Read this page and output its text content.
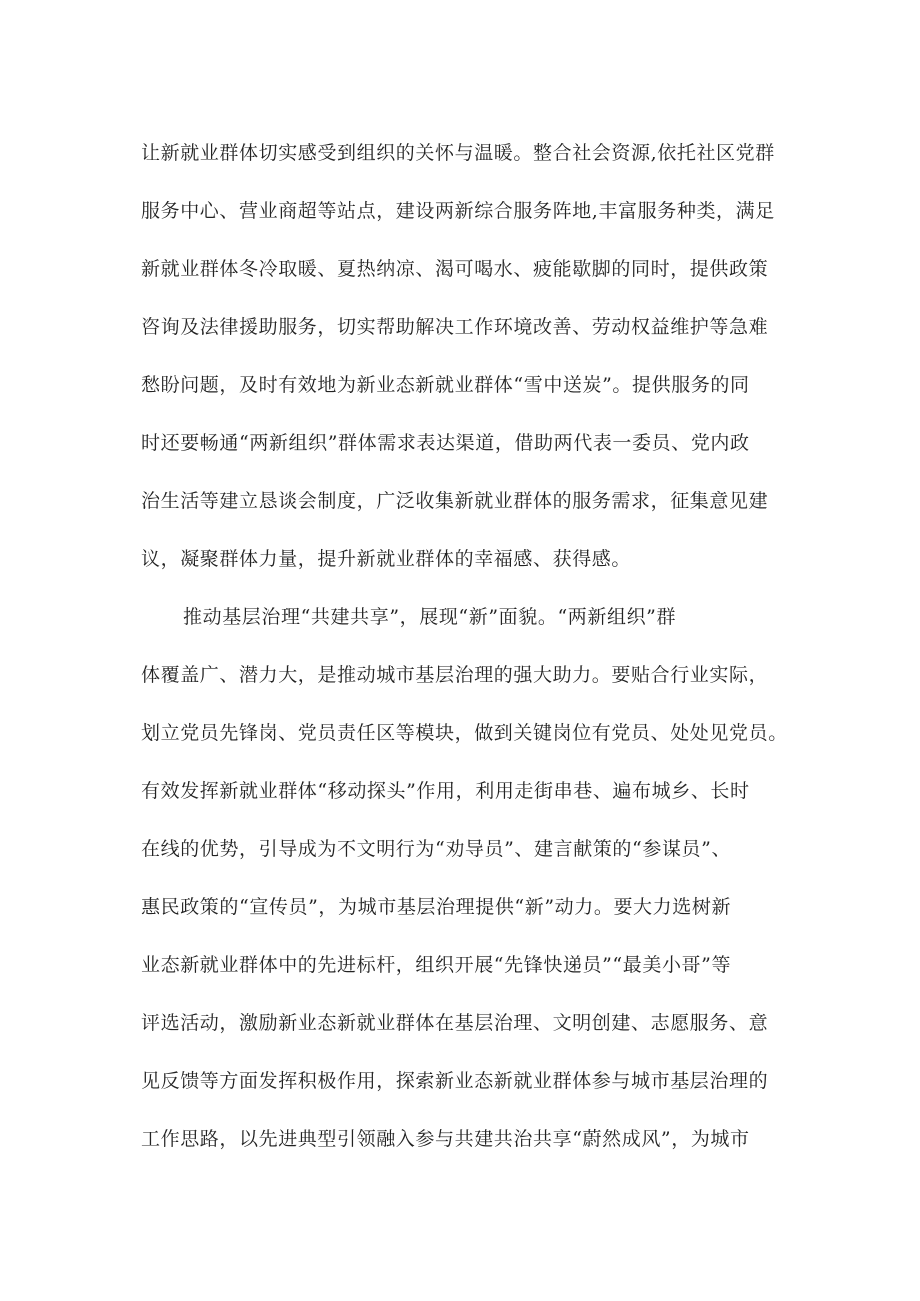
让新就业群体切实感受到组织的关怀与温暖。整合社会资源,依托社区党群
服务中心、营业商超等站点，建设两新综合服务阵地,丰富服务种类，满足
新就业群体冬冷取暖、夏热纳凉、渴可喝水、疲能歇脚的同时，提供政策
咨询及法律援助服务，切实帮助解决工作环境改善、劳动权益维护等急难
愁盼问题，及时有效地为新业态新就业群体“雪中送炭”。提供服务的同
时还要畅通“两新组织”群体需求表达渠道，借助两代表一委员、党内政
治生活等建立恳谈会制度，广泛收集新就业群体的服务需求，征集意见建
议，凝聚群体力量，提升新就业群体的幸福感、获得感。
推动基层治理“共建共享”，展现“新”面貌。“两新组织”群
体覆盖广、潜力大，是推动城市基层治理的强大助力。要贴合行业实际，
划立党员先锋岗、党员责任区等模块，做到关键岗位有党员、处处见党员。
有效发挥新就业群体“移动探头”作用，利用走街串巷、遍布城乡、长时
在线的优势，引导成为不文明行为“劝导员”、建言献策的“参谋员”、
惠民政策的“宣传员”，为城市基层治理提供“新”动力。要大力选树新
业态新就业群体中的先进标杆，组织开展“先锋快递员”“最美小哥”等
评选活动，激励新业态新就业群体在基层治理、文明创建、志愿服务、意
见反馈等方面发挥积极作用，探索新业态新就业群体参与城市基层治理的
工作思路，以先进典型引领融入参与共建共治共享“蔚然成风”，为城市
